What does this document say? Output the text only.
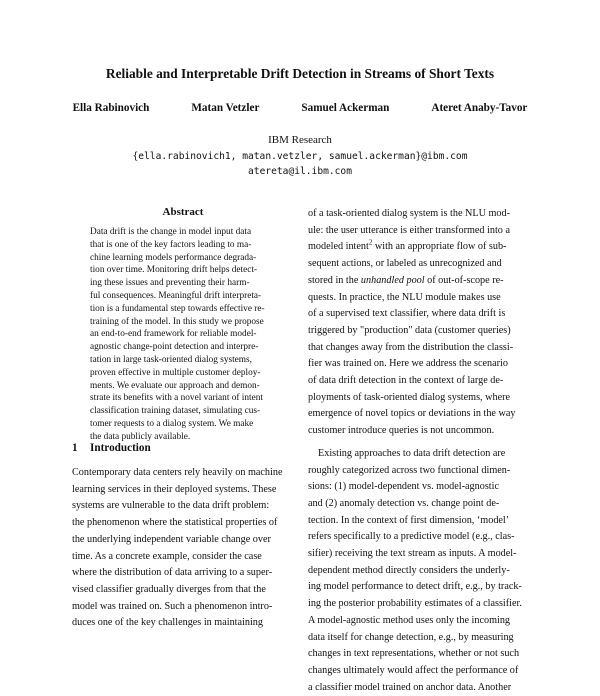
Reliable and Interpretable Drift Detection in Streams of Short Texts
Ella Rabinovich	Matan Vetzler	Samuel Ackerman	Ateret Anaby-Tavor
IBM Research
{ella.rabinovich1, matan.vetzler, samuel.ackerman}@ibm.com
atereta@il.ibm.com
Abstract
Data drift is the change in model input data
that is one of the key factors leading to ma-
chine learning models performance degrada-
tion over time. Monitoring drift helps detect-
ing these issues and preventing their harm-
ful consequences. Meaningful drift interpreta-
tion is a fundamental step towards effective re-
training of the model. In this study we propose
an end-to-end framework for reliable model-
agnostic change-point detection and interpre-
tation in large task-oriented dialog systems,
proven effective in multiple customer deploy-
ments. We evaluate our approach and demon-
strate its benefits with a novel variant of intent
classification training dataset, simulating cus-
tomer requests to a dialog system. We make
the data publicly available.
1 Introduction
Contemporary data centers rely heavily on machine
learning services in their deployed systems. These
systems are vulnerable to the data drift problem:
the phenomenon where the statistical properties of
the underlying independent variable change over
time. As a concrete example, consider the case
where the distribution of data arriving to a super-
vised classifier gradually diverges from that the
model was trained on. Such a phenomenon intro-
duces one of the key challenges in maintaining
of a task-oriented dialog system is the NLU mod-
ule: the user utterance is either transformed into a
modeled intent$^2$ with an appropriate flow of sub-
sequent actions, or labeled as unrecognized and
stored in the unhandled pool of out-of-scope re-
quests. In practice, the NLU module makes use
of a supervised text classifier, where data drift is
triggered by "production" data (customer queries)
that changes away from the distribution the classi-
fier was trained on. Here we address the scenario
of data drift detection in the context of large de-
ployments of task-oriented dialog systems, where
emergence of novel topics or deviations in the way
customer introduce queries is not uncommon.
Existing approaches to data drift detection are
roughly categorized across two functional dimen-
sions: (1) model-dependent vs. model-agnostic
and (2) anomaly detection vs. change point de-
tection. In the context of first dimension, ‘model’
refers specifically to a predictive model (e.g., clas-
sifier) receiving the text stream as inputs. A model-
dependent method directly considers the underly-
ing model performance to detect drift, e.g., by track-
ing the posterior probability estimates of a classifier.
A model-agnostic method uses only the incoming
data itself for change detection, e.g., by measuring
changes in text representations, whether or not such
changes ultimately would affect the performance of
a classifier model trained on anchor data. Another
